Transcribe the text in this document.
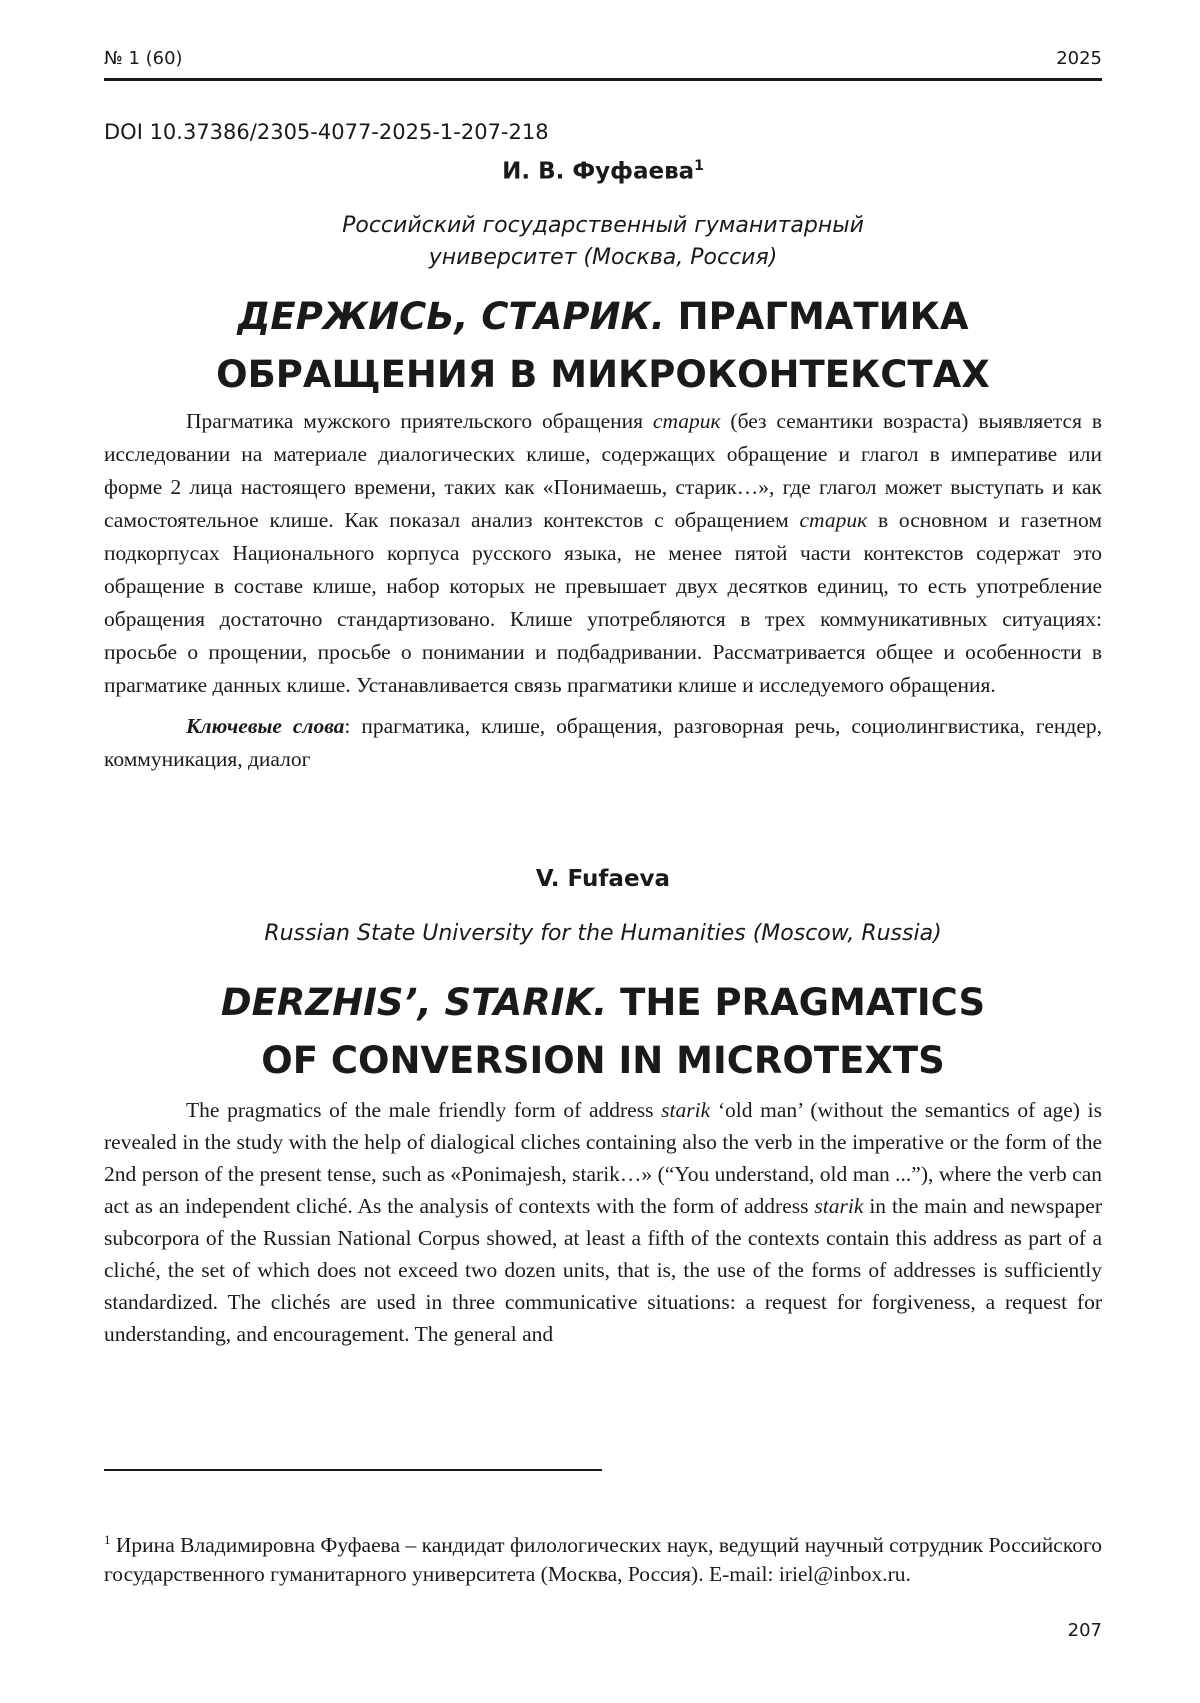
№ 1 (60)	2025
DOI 10.37386/2305-4077-2025-1-207-218
И. В. Фуфаева$^1$
Российский государственный гуманитарный
университет (Москва, Россия)
ДЕРЖИСЬ, СТАРИК. ПРАГМАТИКА
ОБРАЩЕНИЯ В МИКРОКОНТЕКСТАХ

Прагматика мужского приятельского обращения старик (без семантики возраста) выявляется в исследовании на материале диалогических клише, содержащих обращение и глагол в императиве или форме 2 лица настоящего времени, таких как «Понимаешь, старик…», где глагол может выступать и как самостоятельное клише. Как показал анализ контекстов с обращением старик в основном и газетном подкорпусах Национального корпуса русского языка, не менее пятой части контекстов содержат это обращение в составе клише, набор которых не превышает двух десятков единиц, то есть употребление обращения достаточно стандартизовано. Клише употребляются в трех коммуникативных ситуациях: просьбе о прощении, просьбе о понимании и подбадривании. Рассматривается общее и особенности в прагматике данных клише. Устанавливается связь прагматики клише и исследуемого обращения.

Ключевые слова: прагматика, клише, обращения, разговорная речь, социолингвистика, гендер, коммуникация, диалог

V. Fufaeva
Russian State University for the Humanities (Moscow, Russia)
DERZHIS’, STARIK. THE PRAGMATICS
OF CONVERSION IN MICROTEXTS

The pragmatics of the male friendly form of address starik ‘old man’ (without the semantics of age) is revealed in the study with the help of dialogical cliches containing also the verb in the imperative or the form of the 2nd person of the present tense, such as «Ponimajesh, starik…» (“You understand, old man ...”), where the verb can act as an independent cliché. As the analysis of contexts with the form of address starik in the main and newspaper subcorpora of the Russian National Corpus showed, at least a fifth of the contexts contain this address as part of a cliché, the set of which does not exceed two dozen units, that is, the use of the forms of addresses is sufficiently standardized. The clichés are used in three communicative situations: a request for forgiveness, a request for understanding, and encouragement. The general and

$^1$ Ирина Владимировна Фуфаева – кандидат филологических наук, ведущий научный сотрудник Российского государственного гуманитарного университета (Москва, Россия). E-mail: iriel@inbox.ru.
207
